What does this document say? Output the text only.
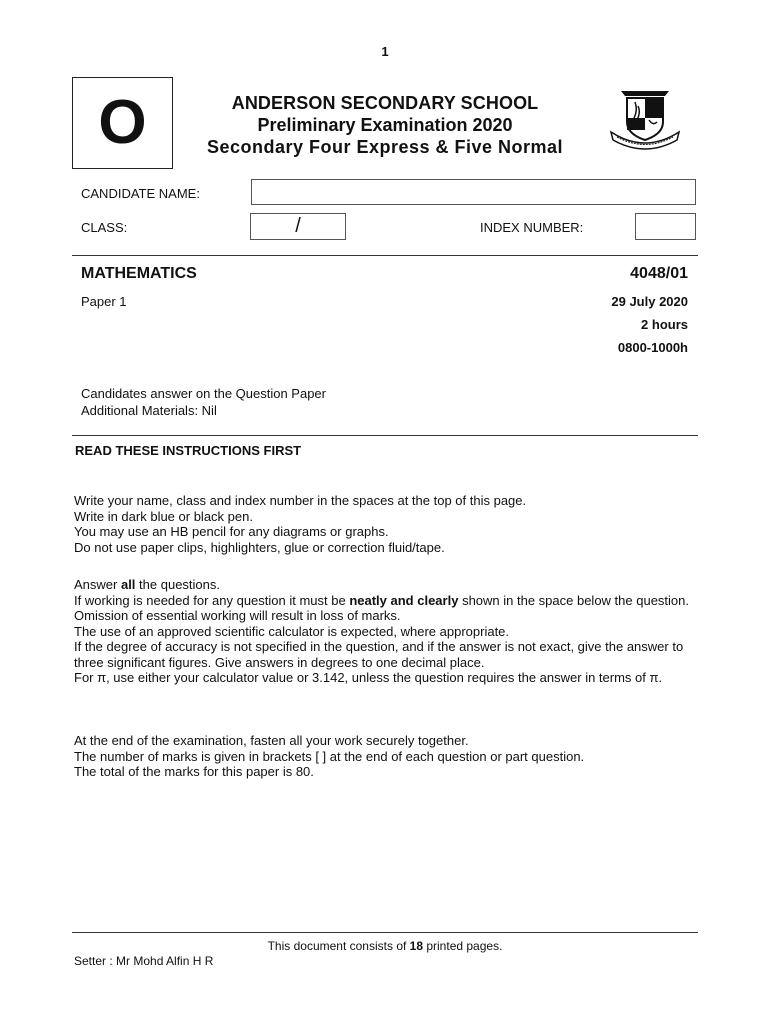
1
O	ANDERSON SECONDARY SCHOOL
Preliminary Examination 2020
Secondary Four Express & Five Normal
CANDIDATE NAME:
CLASS:	/	INDEX NUMBER:
MATHEMATICS	4048/01
Paper 1	29 July 2020
2 hours
0800-1000h
Candidates answer on the Question Paper
Additional Materials: Nil
READ THESE INSTRUCTIONS FIRST

Write your name, class and index number in the spaces at the top of this page.

Write in dark blue or black pen.

You may use an HB pencil for any diagrams or graphs.

Do not use paper clips, highlighters, glue or correction fluid/tape.

Answer all the questions.

If working is needed for any question it must be neatly and clearly shown in the space below the question.

Omission of essential working will result in loss of marks.

The use of an approved scientific calculator is expected, where appropriate.

If the degree of accuracy is not specified in the question, and if the answer is not exact, give the answer to three significant figures. Give answers in degrees to one decimal place.

For π, use either your calculator value or 3.142, unless the question requires the answer in terms of π.

At the end of the examination, fasten all your work securely together.

The number of marks is given in brackets [ ] at the end of each question or part question.

The total of the marks for this paper is 80.

This document consists of 18 printed pages.
Setter : Mr Mohd Alfin H R
